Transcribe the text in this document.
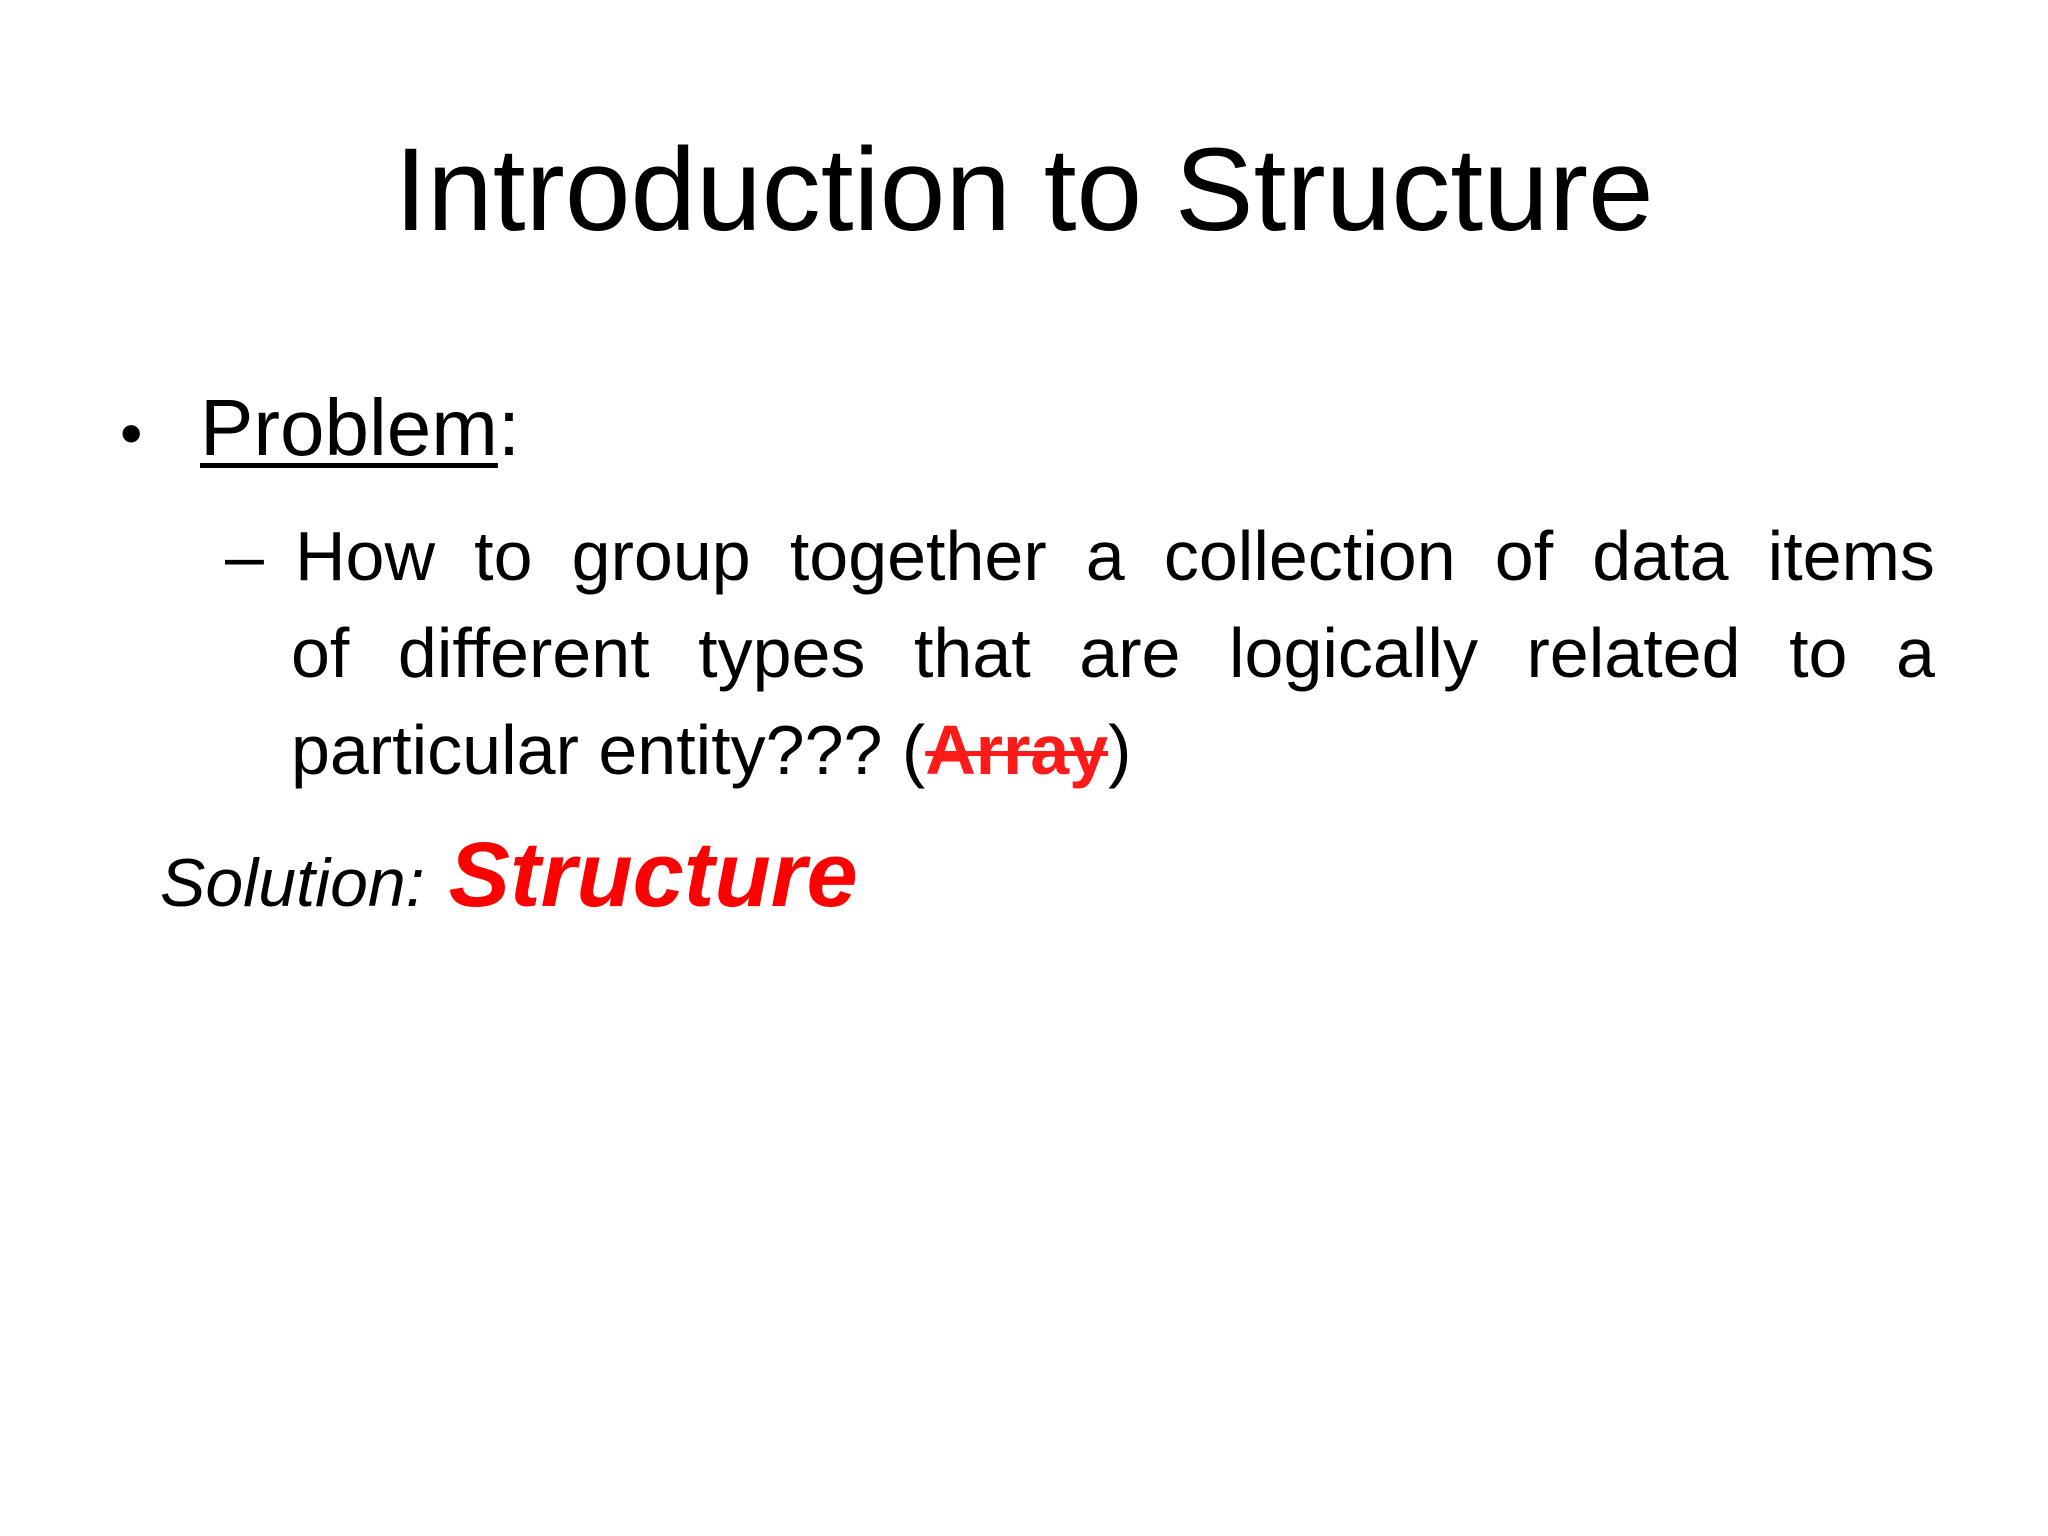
Introduction to Structure
• Problem :
– How to group together a collection of data items
of different types that are logically related to a
particular entity??? ( Array )
Solution: Structure
